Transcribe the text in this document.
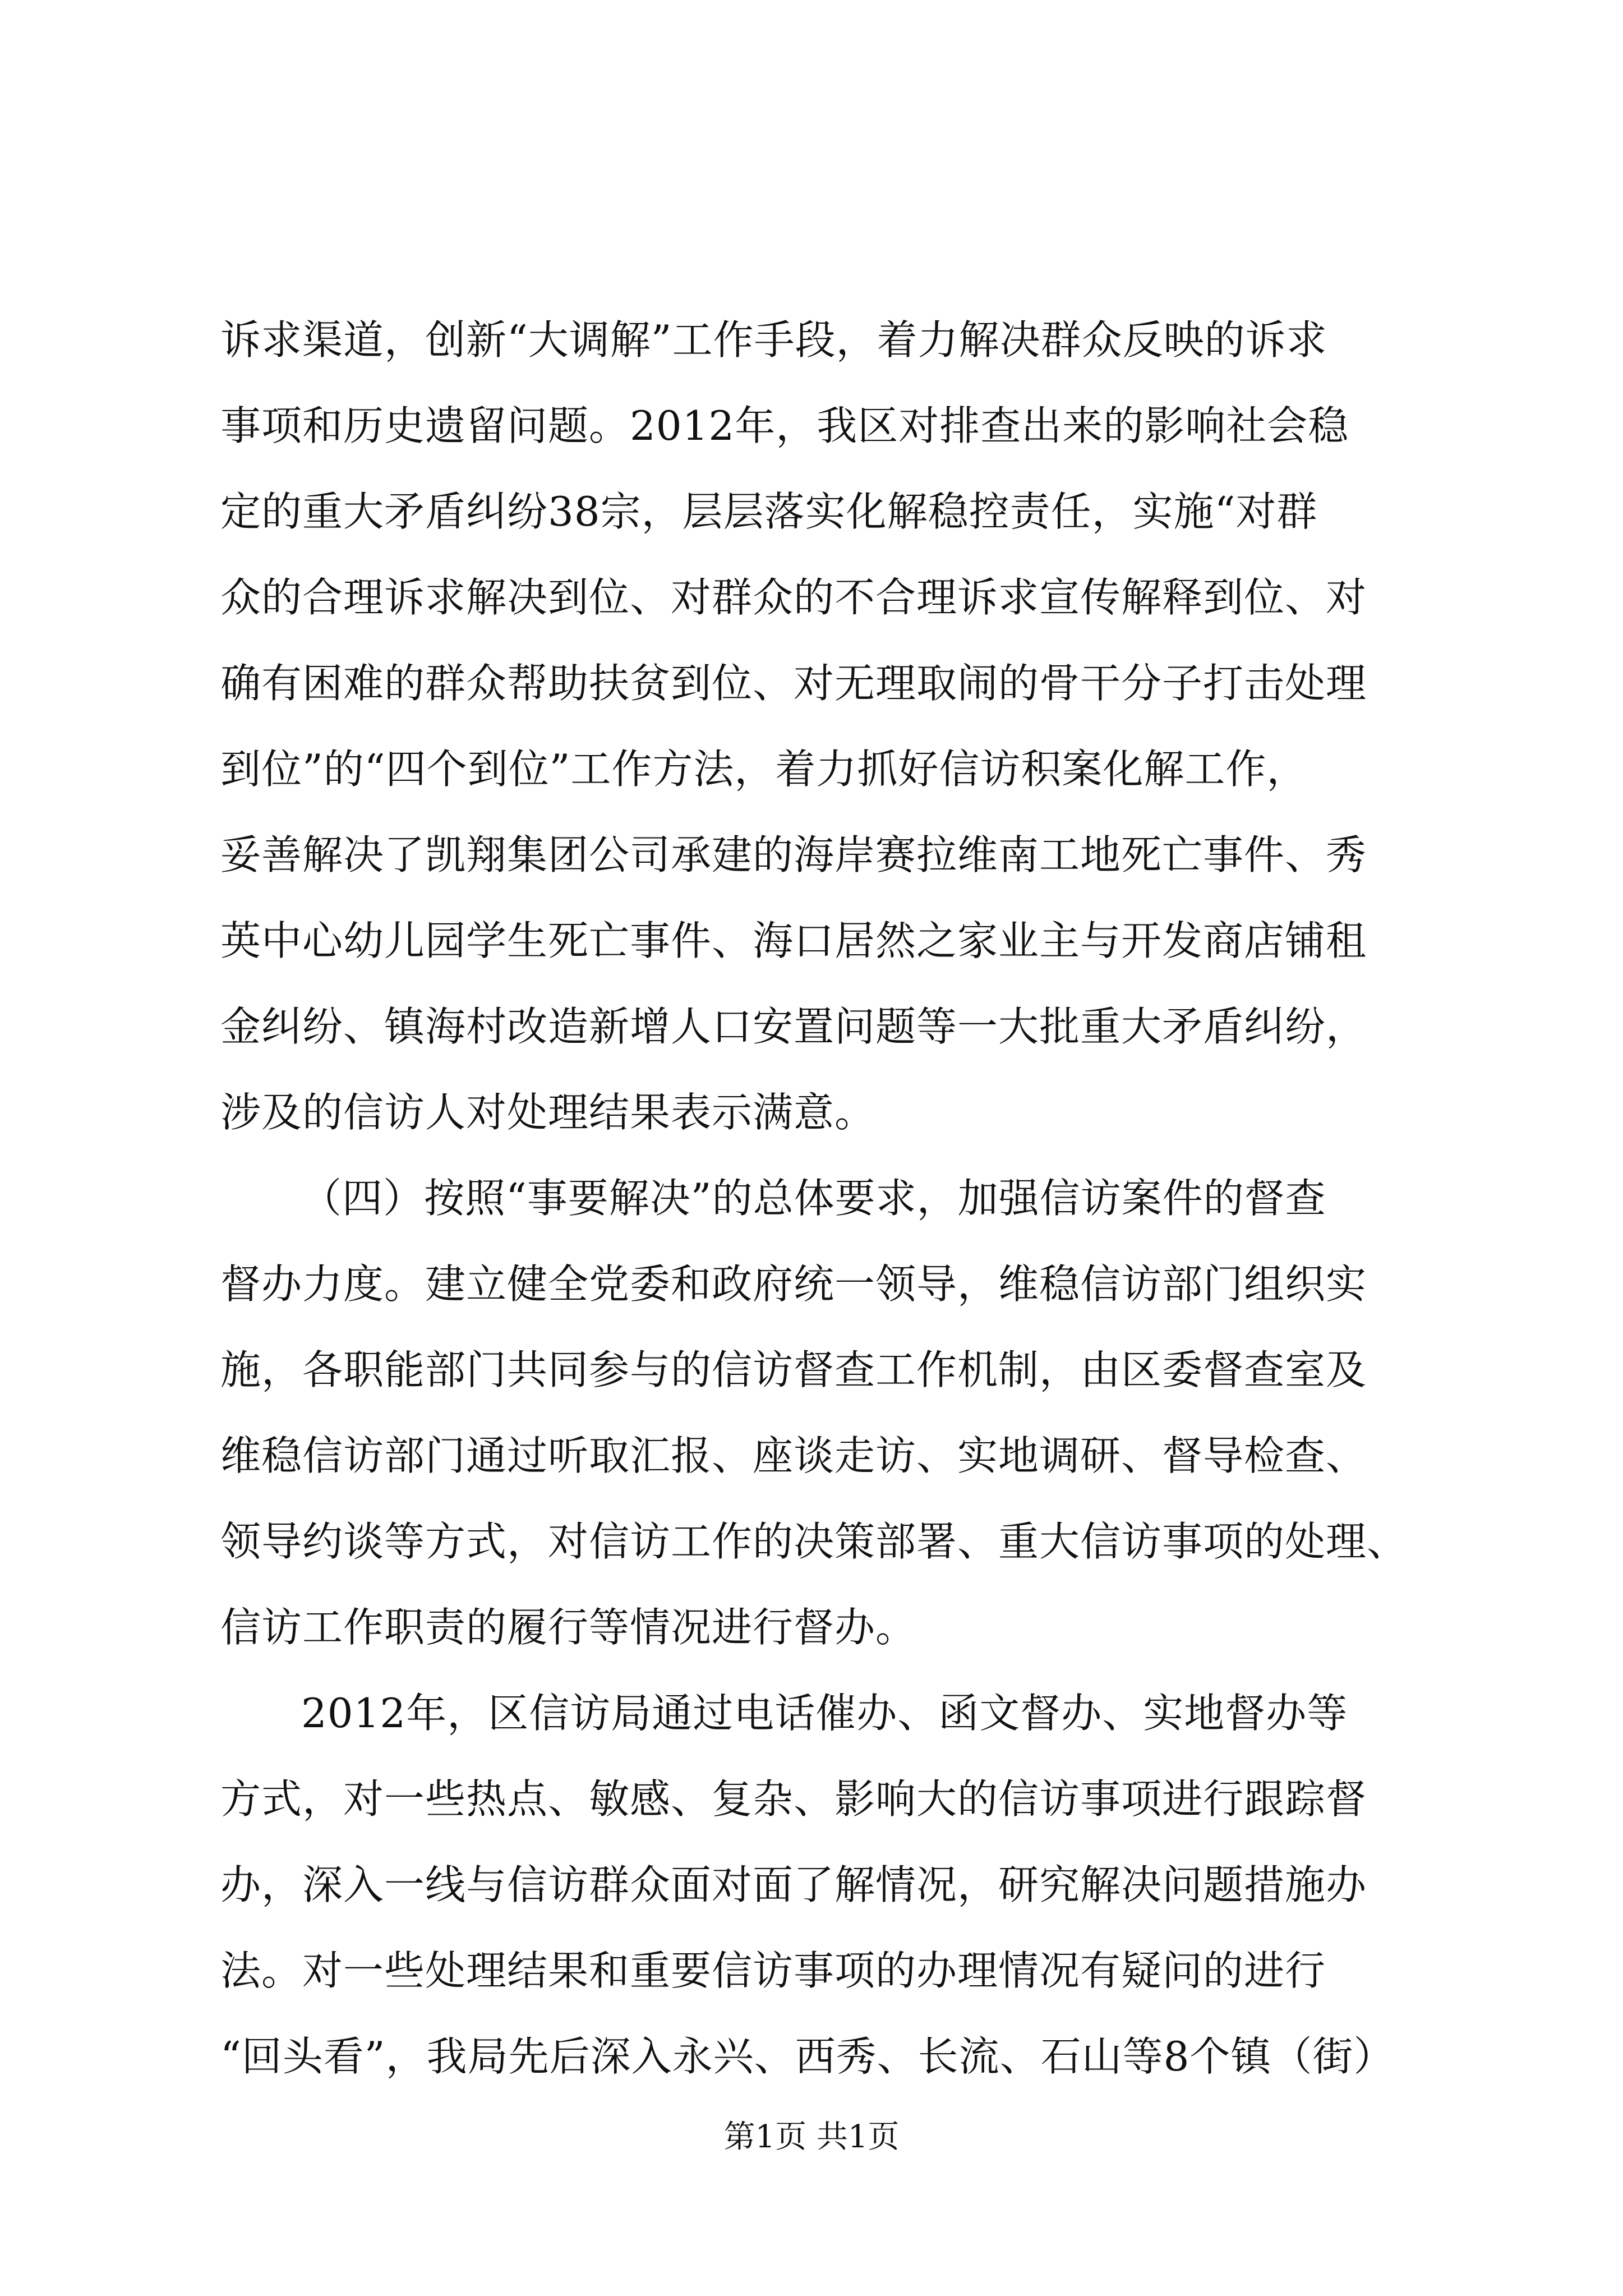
诉求渠道，创新“大调解”工作手段，着力解决群众反映的诉求
事项和历史遗留问题。2012年，我区对排查出来的影响社会稳
定的重大矛盾纠纷38宗，层层落实化解稳控责任，实施“对群
众的合理诉求解决到位、对群众的不合理诉求宣传解释到位、对
确有困难的群众帮助扶贫到位、对无理取闹的骨干分子打击处理
到位”的“四个到位”工作方法，着力抓好信访积案化解工作，
妥善解决了凯翔集团公司承建的海岸赛拉维南工地死亡事件、秀
英中心幼儿园学生死亡事件、海口居然之家业主与开发商店铺租
金纠纷、镇海村改造新增人口安置问题等一大批重大矛盾纠纷，
涉及的信访人对处理结果表示满意。
（四）按照“事要解决”的总体要求，加强信访案件的督查
督办力度。建立健全党委和政府统一领导，维稳信访部门组织实
施，各职能部门共同参与的信访督查工作机制，由区委督查室及
维稳信访部门通过听取汇报、座谈走访、实地调研、督导检查、
领导约谈等方式，对信访工作的决策部署、重大信访事项的处理、
信访工作职责的履行等情况进行督办。
2012年，区信访局通过电话催办、函文督办、实地督办等
方式，对一些热点、敏感、复杂、影响大的信访事项进行跟踪督
办，深入一线与信访群众面对面了解情况，研究解决问题措施办
法。对一些处理结果和重要信访事项的办理情况有疑问的进行
“回头看”，我局先后深入永兴、西秀、长流、石山等8个镇（街）
第1页 共1页
